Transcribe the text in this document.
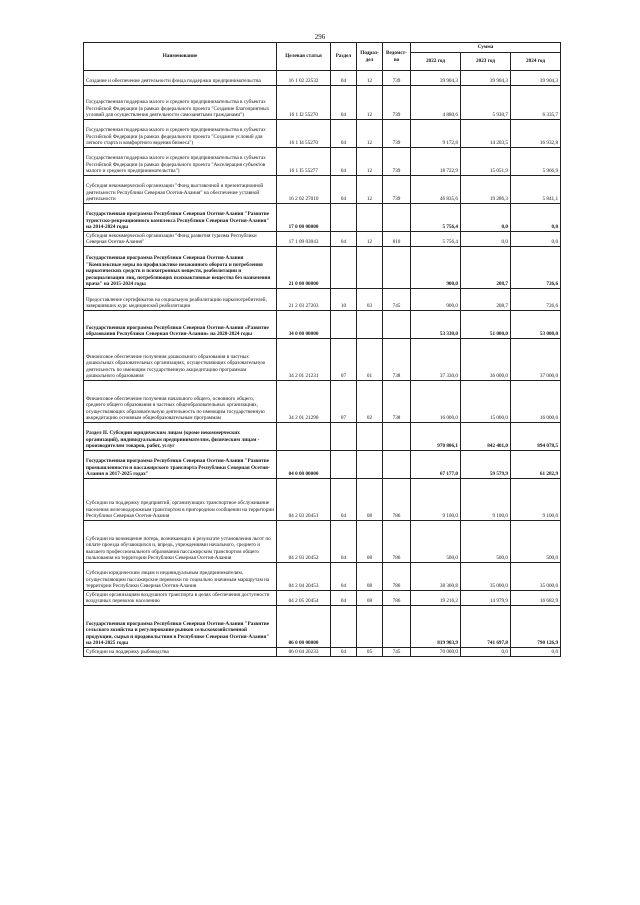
296
Наименование	Целевая статья	Раздел	Подраз-дел	Ведомст-во	Сумма		
					2022 год	2023 год	2024 год
Создание и обеспечение деятельности фонда поддержки предпринимательства	16 1 02 22532	04	12	739	39 904,3	39 904,3	39 904,3
Государственная поддержка малого и среднего предпринимательства в субъектах Российской Федерации (в рамках федерального проекта "Создание благоприятных условий для осуществления деятельности самозанятыми гражданами")	16 1 I2 55270	04	12	739	4 880,6	5 930,7	6 335,7
Государственная поддержка малого и среднего предпринимательства в субъектах Российской Федерации (в рамках федерального проекта "Создание условий для легкого старта и комфортного ведения бизнеса")	16 1 I4 55270	04	12	739	9 172,8	14 203,5	16 932,8
Государственная поддержка малого и среднего предпринимательства в субъектах Российской Федерации (в рамках федерального проекта "Акселерация субъектов малого и среднего предпринимательства")	16 1 I5 55277	04	12	739	18 722,9	15 051,9	5 966,9
Субсидия некоммерческой организации "Фонд выставочной и презентационной деятельности Республики Северная Осетия-Алания" на обеспечение уставной деятельности	16 2 02 27010	04	12	739	46 835,6	19 286,3	5 841,1
Государственная программа Республики Северная Осетия-Алания "Развитие туристско-рекреационного комплекса Республики Северная Осетия-Алания" на 2014-2024 годы	17 0 00 00000				5 756,4	0,0	0,0
Субсидия некоммерческой организации "Фонд развития туризма Республики Северная Осетия-Алания"	17 1 09 03043	04	12	810	5 756,4	0,0	0,0
Государственная программа Республики Северная Осетия-Алания "Комплексные меры по профилактике незаконного оборота и потребления наркотических средств и психотропных веществ, реабилитации и ресоциализации лиц, потребляющих психоактивные вещества без назначения врача" на 2015-2024 годы	21 0 00 00000				900,0	208,7	726,6
Предоставление сертификатов на социальную реабилитацию наркопотребителей, завершивших курс медицинской реабилитации	21 2 03 27203	10	03	745	900,0	208,7	726,6
Государственная программа Республики Северная Осетия-Алания «Развитие образования Республики Северная Осетия-Алания» на 2020-2024 годы	34 0 00 00000				53 330,0	51 000,0	53 000,0
Финансовое обеспечение получения дошкольного образования в частных дошкольных образовательных организациях, осуществляющих образовательную деятельность по имеющим государственную аккредитацию программам дошкольного образования	34 2 01 21231	07	01	738	37 330,0	36 000,0	37 000,0
Финансовое обеспечение получения начального общего, основного общего, среднего общего образования в частных общеобразовательных организациях, осуществляющих образовательную деятельность по имеющим государственную аккредитацию основным общеобразовательным программам	34 2 01 21290	07	02	738	16 000,0	15 000,0	16 000,0
Раздел II. Субсидии юридическим лицам (кроме некоммерческих организаций), индивидуальным предпринимателям, физическим лицам - производителям товаров, работ, услуг					970 806,1	842 401,0	894 078,5
Государственная программа Республики Северная Осетия-Алания "Развитие промышленности и пассажирского транспорта Республики Северная Осетия-Алания в 2017-2025 годах"	04 0 00 00000				67 177,0	59 579,9	61 282,9
Субсидии на поддержку предприятий, организующих транспортное обслуживание населения железнодорожным транспортом в пригородном сообщении на территории Республики Северная Осетия-Алания	04 2 03 20451	04	08	786	9 100,0	9 100,0	9 100,0
Субсидии на возмещение потерь, возникающих в результате установления льгот по оплате проезда обучающихся и, впредь, учреждениями начального, среднего и высшего профессионального образования пассажирским транспортом общего пользования на территории Республики Северная Осетия-Алания	04 2 03 20452	04	08	786	500,0	500,0	500,0
Субсидии юридическим лицам и индивидуальным предпринимателям, осуществляющим пассажирские перевозки по социально значимым маршрутам на территории Республики Северная Осетия-Алания	04 2 04 20453	04	08	786	38 360,8	35 000,0	35 000,0
Субсидии организациям воздушного транспорта в целях обеспечения доступности воздушных перевозок населению	04 2 05 20454	04	08	786	19 216,2	14 979,9	16 682,9
Государственная программа Республики Северная Осетия-Алания "Развитие сельского хозяйства и регулирование рынков сельскохозяйственной продукции, сырья и продовольствия в Республике Северная Осетия-Алания" на 2014-2025 годы	06 0 00 00000				819 903,9	741 697,8	790 126,9
Субсидии на поддержку рыбоводства	06 0 04 20233	04	05	745	70 000,0	0,0	0,0
